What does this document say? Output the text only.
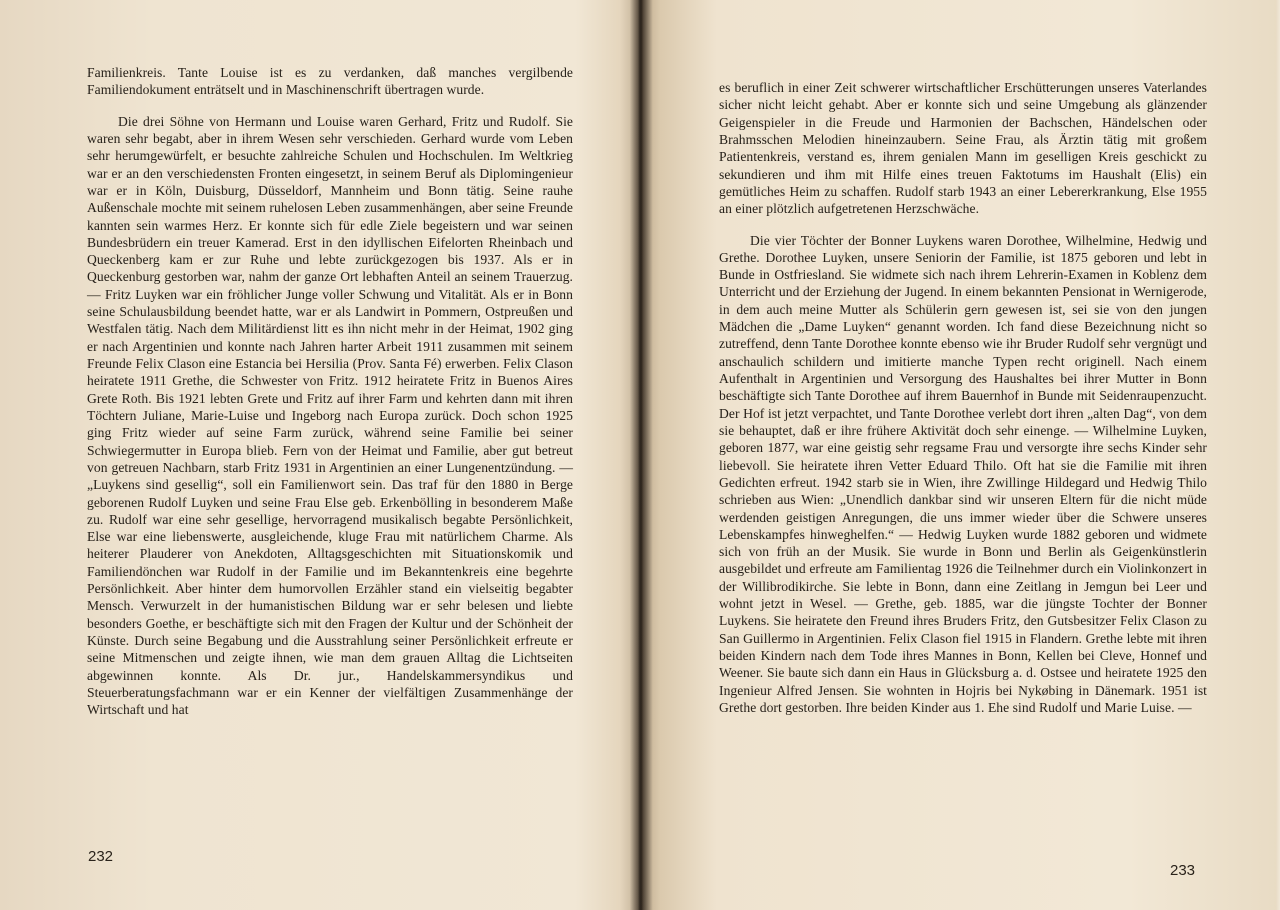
Familienkreis. Tante Louise ist es zu verdanken, daß manches vergilbende Familiendokument enträtselt und in Maschinenschrift übertragen wurde.

Die drei Söhne von Hermann und Louise waren Gerhard, Fritz und Rudolf. Sie waren sehr begabt, aber in ihrem Wesen sehr verschieden. Gerhard wurde vom Leben sehr herumgewürfelt, er besuchte zahlreiche Schulen und Hochschulen. Im Weltkrieg war er an den verschiedensten Fronten eingesetzt, in seinem Beruf als Diplomingenieur war er in Köln, Duisburg, Düsseldorf, Mannheim und Bonn tätig. Seine rauhe Außenschale mochte mit seinem ruhelosen Leben zusammenhängen, aber seine Freunde kannten sein warmes Herz. Er konnte sich für edle Ziele begeistern und war seinen Bundesbrüdern ein treuer Kamerad. Erst in den idyllischen Eifelorten Rheinbach und Queckenberg kam er zur Ruhe und lebte zurückgezogen bis 1937. Als er in Queckenburg gestorben war, nahm der ganze Ort lebhaften Anteil an seinem Trauerzug. — Fritz Luyken war ein fröhlicher Junge voller Schwung und Vitalität. Als er in Bonn seine Schulausbildung beendet hatte, war er als Landwirt in Pommern, Ostpreußen und Westfalen tätig. Nach dem Militärdienst litt es ihn nicht mehr in der Heimat, 1902 ging er nach Argentinien und konnte nach Jahren harter Arbeit 1911 zusammen mit seinem Freunde Felix Clason eine Estancia bei Hersilia (Prov. Santa Fé) erwerben. Felix Clason heiratete 1911 Grethe, die Schwester von Fritz. 1912 heiratete Fritz in Buenos Aires Grete Roth. Bis 1921 lebten Grete und Fritz auf ihrer Farm und kehrten dann mit ihren Töchtern Juliane, Marie-Luise und Ingeborg nach Europa zurück. Doch schon 1925 ging Fritz wieder auf seine Farm zurück, während seine Familie bei seiner Schwiegermutter in Europa blieb. Fern von der Heimat und Familie, aber gut betreut von getreuen Nachbarn, starb Fritz 1931 in Argentinien an einer Lungenentzündung. — „Luykens sind gesellig“, soll ein Familienwort sein. Das traf für den 1880 in Berge geborenen Rudolf Luyken und seine Frau Else geb. Erkenbölling in besonderem Maße zu. Rudolf war eine sehr gesellige, hervorragend musikalisch begabte Persönlichkeit, Else war eine liebenswerte, ausgleichende, kluge Frau mit natürlichem Charme. Als heiterer Plauderer von Anekdoten, Alltagsgeschichten mit Situationskomik und Familiendönchen war Rudolf in der Familie und im Bekanntenkreis eine begehrte Persönlichkeit. Aber hinter dem humorvollen Erzähler stand ein vielseitig begabter Mensch. Verwurzelt in der humanistischen Bildung war er sehr belesen und liebte besonders Goethe, er beschäftigte sich mit den Fragen der Kultur und der Schönheit der Künste. Durch seine Begabung und die Ausstrahlung seiner Persönlichkeit erfreute er seine Mitmenschen und zeigte ihnen, wie man dem grauen Alltag die Lichtseiten abgewinnen konnte. Als Dr. jur., Handelskammersyndikus und Steuerberatungsfachmann war er ein Kenner der vielfältigen Zusammenhänge der Wirtschaft und hat

232

es beruflich in einer Zeit schwerer wirtschaftlicher Erschütterungen unseres Vaterlandes sicher nicht leicht gehabt. Aber er konnte sich und seine Umgebung als glänzender Geigenspieler in die Freude und Harmonien der Bachschen, Händelschen oder Brahmsschen Melodien hineinzaubern. Seine Frau, als Ärztin tätig mit großem Patientenkreis, verstand es, ihrem genialen Mann im geselligen Kreis geschickt zu sekundieren und ihm mit Hilfe eines treuen Faktotums im Haushalt (Elis) ein gemütliches Heim zu schaffen. Rudolf starb 1943 an einer Lebererkrankung, Else 1955 an einer plötzlich aufgetretenen Herzschwäche.

Die vier Töchter der Bonner Luykens waren Dorothee, Wilhelmine, Hedwig und Grethe. Dorothee Luyken, unsere Seniorin der Familie, ist 1875 geboren und lebt in Bunde in Ostfriesland. Sie widmete sich nach ihrem Lehrerin-Examen in Koblenz dem Unterricht und der Erziehung der Jugend. In einem bekannten Pensionat in Wernigerode, in dem auch meine Mutter als Schülerin gern gewesen ist, sei sie von den jungen Mädchen die „Dame Luyken“ genannt worden. Ich fand diese Bezeichnung nicht so zutreffend, denn Tante Dorothee konnte ebenso wie ihr Bruder Rudolf sehr vergnügt und anschaulich schildern und imitierte manche Typen recht originell. Nach einem Aufenthalt in Argentinien und Versorgung des Haushaltes bei ihrer Mutter in Bonn beschäftigte sich Tante Dorothee auf ihrem Bauernhof in Bunde mit Seidenraupenzucht. Der Hof ist jetzt verpachtet, und Tante Dorothee verlebt dort ihren „alten Dag“, von dem sie behauptet, daß er ihre frühere Aktivität doch sehr einenge. — Wilhelmine Luyken, geboren 1877, war eine geistig sehr regsame Frau und versorgte ihre sechs Kinder sehr liebevoll. Sie heiratete ihren Vetter Eduard Thilo. Oft hat sie die Familie mit ihren Gedichten erfreut. 1942 starb sie in Wien, ihre Zwillinge Hildegard und Hedwig Thilo schrieben aus Wien: „Unendlich dankbar sind wir unseren Eltern für die nicht müde werdenden geistigen Anregungen, die uns immer wieder über die Schwere unseres Lebenskampfes hinweghelfen.“ — Hedwig Luyken wurde 1882 geboren und widmete sich von früh an der Musik. Sie wurde in Bonn und Berlin als Geigenkünstlerin ausgebildet und erfreute am Familientag 1926 die Teilnehmer durch ein Violinkonzert in der Willibrodikirche. Sie lebte in Bonn, dann eine Zeitlang in Jemgun bei Leer und wohnt jetzt in Wesel. — Grethe, geb. 1885, war die jüngste Tochter der Bonner Luykens. Sie heiratete den Freund ihres Bruders Fritz, den Gutsbesitzer Felix Clason zu San Guillermo in Argentinien. Felix Clason fiel 1915 in Flandern. Grethe lebte mit ihren beiden Kindern nach dem Tode ihres Mannes in Bonn, Kellen bei Cleve, Honnef und Weener. Sie baute sich dann ein Haus in Glücksburg a. d. Ostsee und heiratete 1925 den Ingenieur Alfred Jensen. Sie wohnten in Hojris bei Nykøbing in Dänemark. 1951 ist Grethe dort gestorben. Ihre beiden Kinder aus 1. Ehe sind Rudolf und Marie Luise. —

233
